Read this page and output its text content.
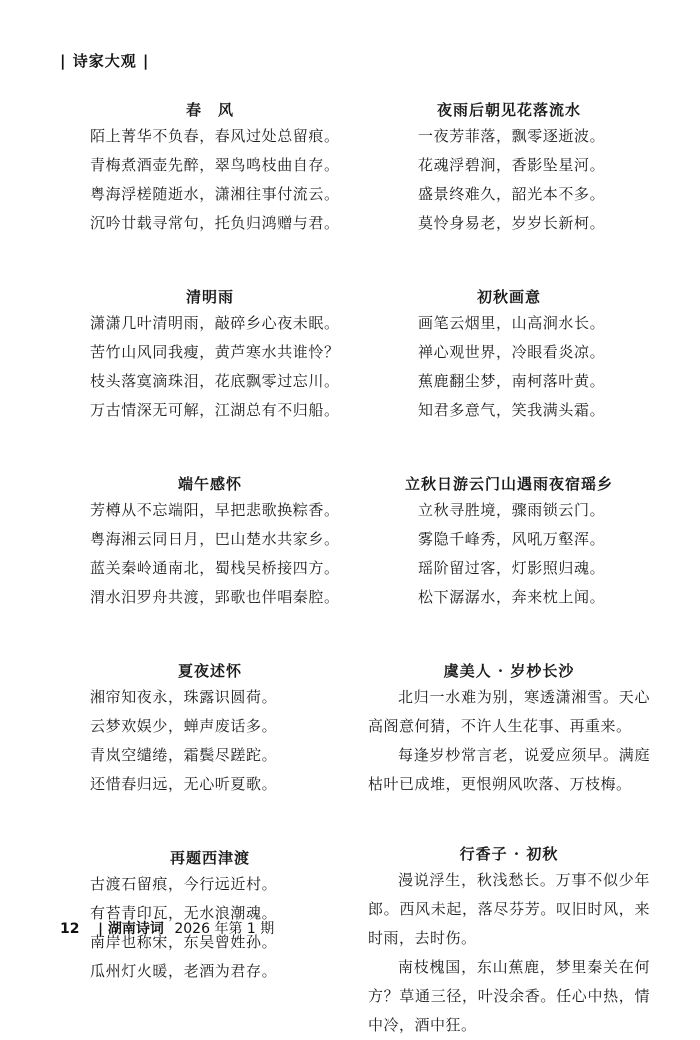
| 诗家大观 |
春　风
陌上菁华不负春，春风过处总留痕。
青梅煮酒壶先醉，翠鸟鸣枝曲自存。
粤海浮槎随逝水，潇湘往事付流云。
沉吟廿载寻常句，托负归鸿赠与君。
清明雨
潇潇几叶清明雨，敲碎乡心夜未眠。
苦竹山风同我瘦，黄芦寒水共谁怜？
枝头落寞滴珠泪，花底飘零过忘川。
万古情深无可解，江湖总有不归船。
端午感怀
芳樽从不忘端阳，早把悲歌换粽香。
粤海湘云同日月，巴山楚水共家乡。
蓝关秦岭通南北，蜀栈吴桥接四方。
渭水汨罗舟共渡，郢歌也伴唱秦腔。
夏夜述怀
湘帘知夜永，珠露识圆荷。
云梦欢娱少，蝉声废话多。
青岚空缱绻，霜鬓尽蹉跎。
还惜春归远，无心听夏歌。
再题西津渡
古渡石留痕，今行远近村。
有苔青印瓦，无水浪潮魂。
南岸也称宋，东吴曾姓孙。
瓜州灯火暖，老酒为君存。
夜雨后朝见花落流水
一夜芳菲落，飘零逐逝波。
花魂浮碧涧，香影坠星河。
盛景终难久，韶光本不多。
莫怜身易老，岁岁长新柯。
初秋画意
画笔云烟里，山高涧水长。
禅心观世界，冷眼看炎凉。
蕉鹿翻尘梦，南柯落叶黄。
知君多意气，笑我满头霜。
立秋日游云门山遇雨夜宿瑶乡
立秋寻胜境，骤雨锁云门。
雾隐千峰秀，风吼万壑浑。
瑶阶留过客，灯影照归魂。
松下潺潺水，奔来枕上闻。
虞美人 · 岁杪长沙

北归一水难为别，寒透潇湘雪。天心高阁意何猜，不许人生花事、再重来。

每逢岁杪常言老，说爱应须早。满庭枯叶已成堆，更恨朔风吹落、万枝梅。

行香子 · 初秋

漫说浮生，秋浅愁长。万事不似少年郎。西风未起，落尽芬芳。叹旧时风，来时雨，去时伤。

南枝槐国，东山蕉鹿，梦里秦关在何方？草通三径，叶没余香。任心中热，情中冷，酒中狂。

12 | 湖南诗词 2026 年第 1 期
